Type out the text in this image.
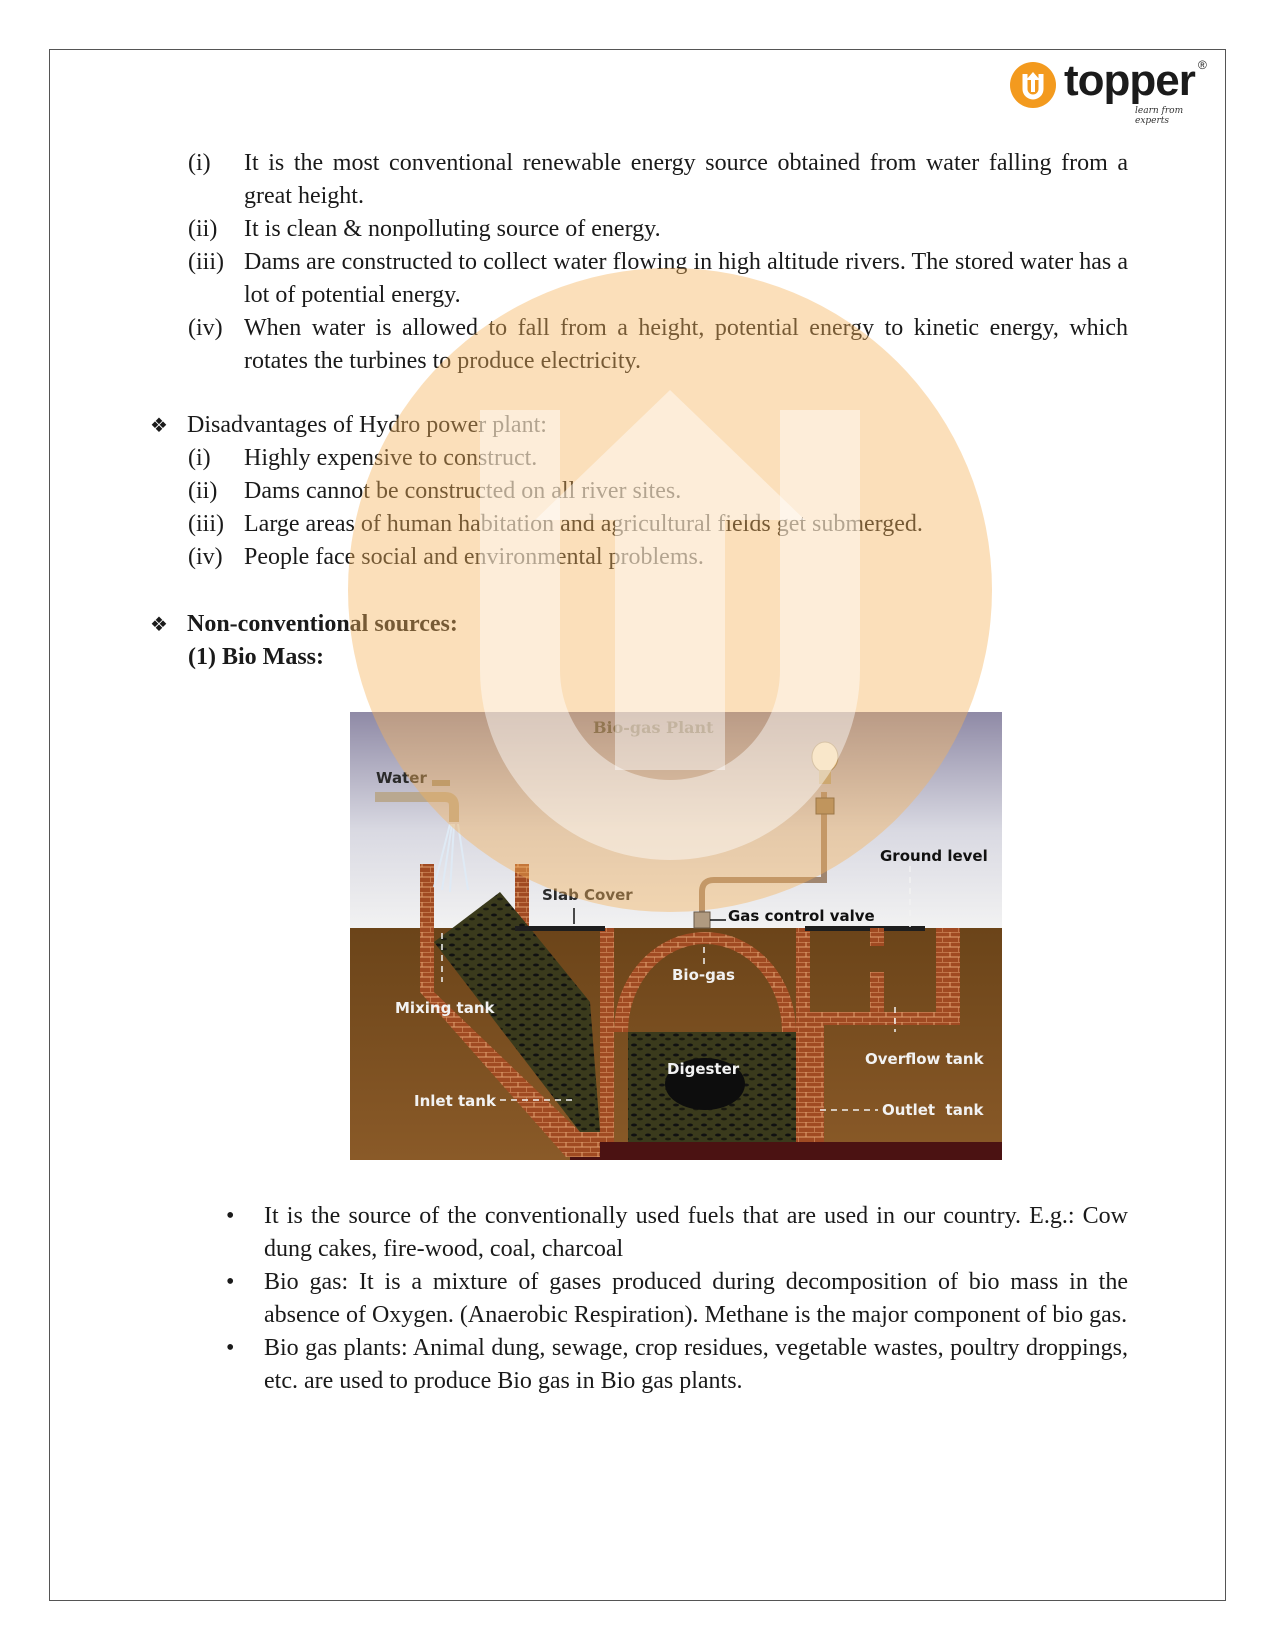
topper ®
learn from experts
(i) It is the most conventional renewable energy source obtained from water falling from a great height.
(ii) It is clean & nonpolluting source of energy.
(iii) Dams are constructed to collect water flowing in high altitude rivers. The stored water has a lot of potential energy.
(iv) When water is allowed to fall from a height, potential energy to kinetic energy, which rotates the turbines to produce electricity.
❖ Disadvantages of Hydro power plant:
(i) Highly expensive to construct.
(ii) Dams cannot be constructed on all river sites.
(iii) Large areas of human habitation and agricultural fields get submerged.
(iv) People face social and environmental problems.
❖ Non-conventional sources:
(1) Bio Mass:
Bio-gas Plant
Water
Ground level
Slab Cover
Gas control valve
Bio-gas
Mixing tank
Overflow tank
Digester
Inlet tank	Outlet  tank
• It is the source of the conventionally used fuels that are used in our country. E.g.: Cow dung cakes, fire-wood, coal, charcoal
• Bio gas: It is a mixture of gases produced during decomposition of bio mass in the absence of Oxygen. (Anaerobic Respiration). Methane is the major component of bio gas.
• Bio gas plants: Animal dung, sewage, crop residues, vegetable wastes, poultry droppings, etc. are used to produce Bio gas in Bio gas plants.
